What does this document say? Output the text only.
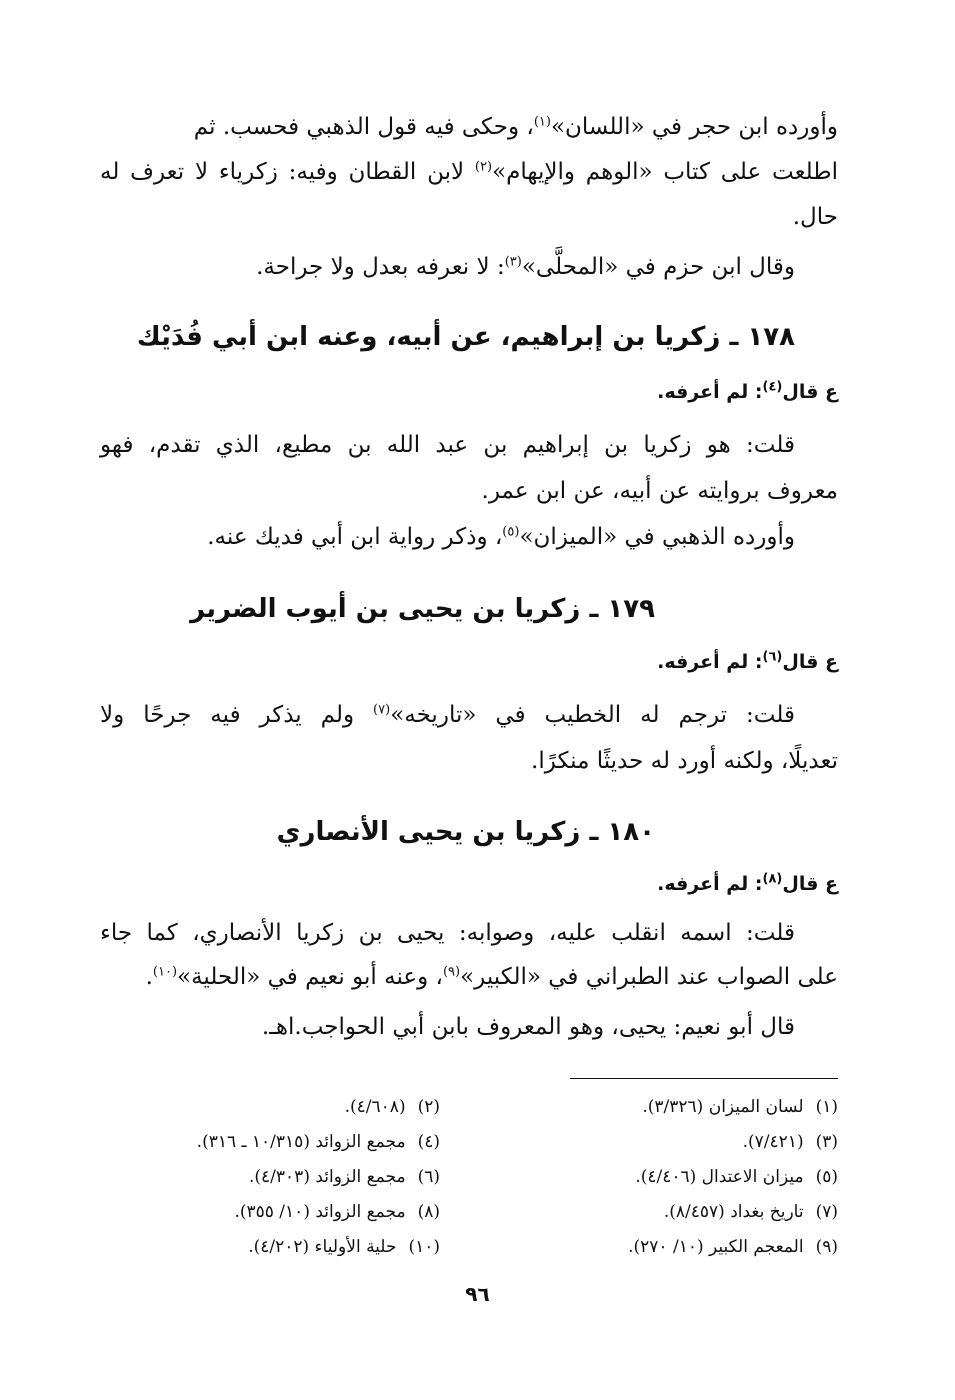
وأورده ابن حجر في «اللسان»$^{(١)}$، وحكى فيه قول الذهبي فحسب. ثم
اطلعت على كتاب «الوهم والإيهام»$^{(٢)}$ لابن القطان وفيه: زكرياء لا تعرف له
حال.
وقال ابن حزم في «المحلَّى»$^{(٣)}$: لا نعرفه بعدل ولا جراحة.
١٧٨ ـ زكريا بن إبراهيم، عن أبيه، وعنه ابن أبي فُدَيْك
ع قال$^{(٤)}$: لم أعرفه.
قلت: هو زكريا بن إبراهيم بن عبد الله بن مطيع، الذي تقدم، فهو
معروف بروايته عن أبيه، عن ابن عمر.
وأورده الذهبي في «الميزان»$^{(٥)}$، وذكر رواية ابن أبي فديك عنه.
١٧٩ ـ زكريا بن يحيى بن أيوب الضرير
ع قال$^{(٦)}$: لم أعرفه.
قلت: ترجم له الخطيب في «تاريخه»$^{(٧)}$ ولم يذكر فيه جرحًا ولا
تعديلًا، ولكنه أورد له حديثًا منكرًا.
١٨٠ ـ زكريا بن يحيى الأنصاري
ع قال$^{(٨)}$: لم أعرفه.
قلت: اسمه انقلب عليه، وصوابه: يحيى بن زكريا الأنصاري، كما جاء
على الصواب عند الطبراني في «الكبير»$^{(٩)}$، وعنه أبو نعيم في «الحلية»$^{(١٠)}$.
قال أبو نعيم: يحيى، وهو المعروف بابن أبي الحواجب.اهـ.
(١)لسان الميزان (٣/٣٢٦).
(٢)(٤/٦٠٨).
(٣)(٧/٤٢١).
(٤)مجمع الزوائد (١٠/٣١٥ ـ ٣١٦).
(٥)ميزان الاعتدال (٤/٤٠٦).
(٦)مجمع الزوائد (٤/٣٠٣).
(٧)تاريخ بغداد (٨/٤٥٧).
(٨)مجمع الزوائد (١٠/ ٣٥٥).
(٩)المعجم الكبير (١٠/ ٢٧٠).
(١٠)حلية الأولياء (٤/٢٠٢).
٩٦
